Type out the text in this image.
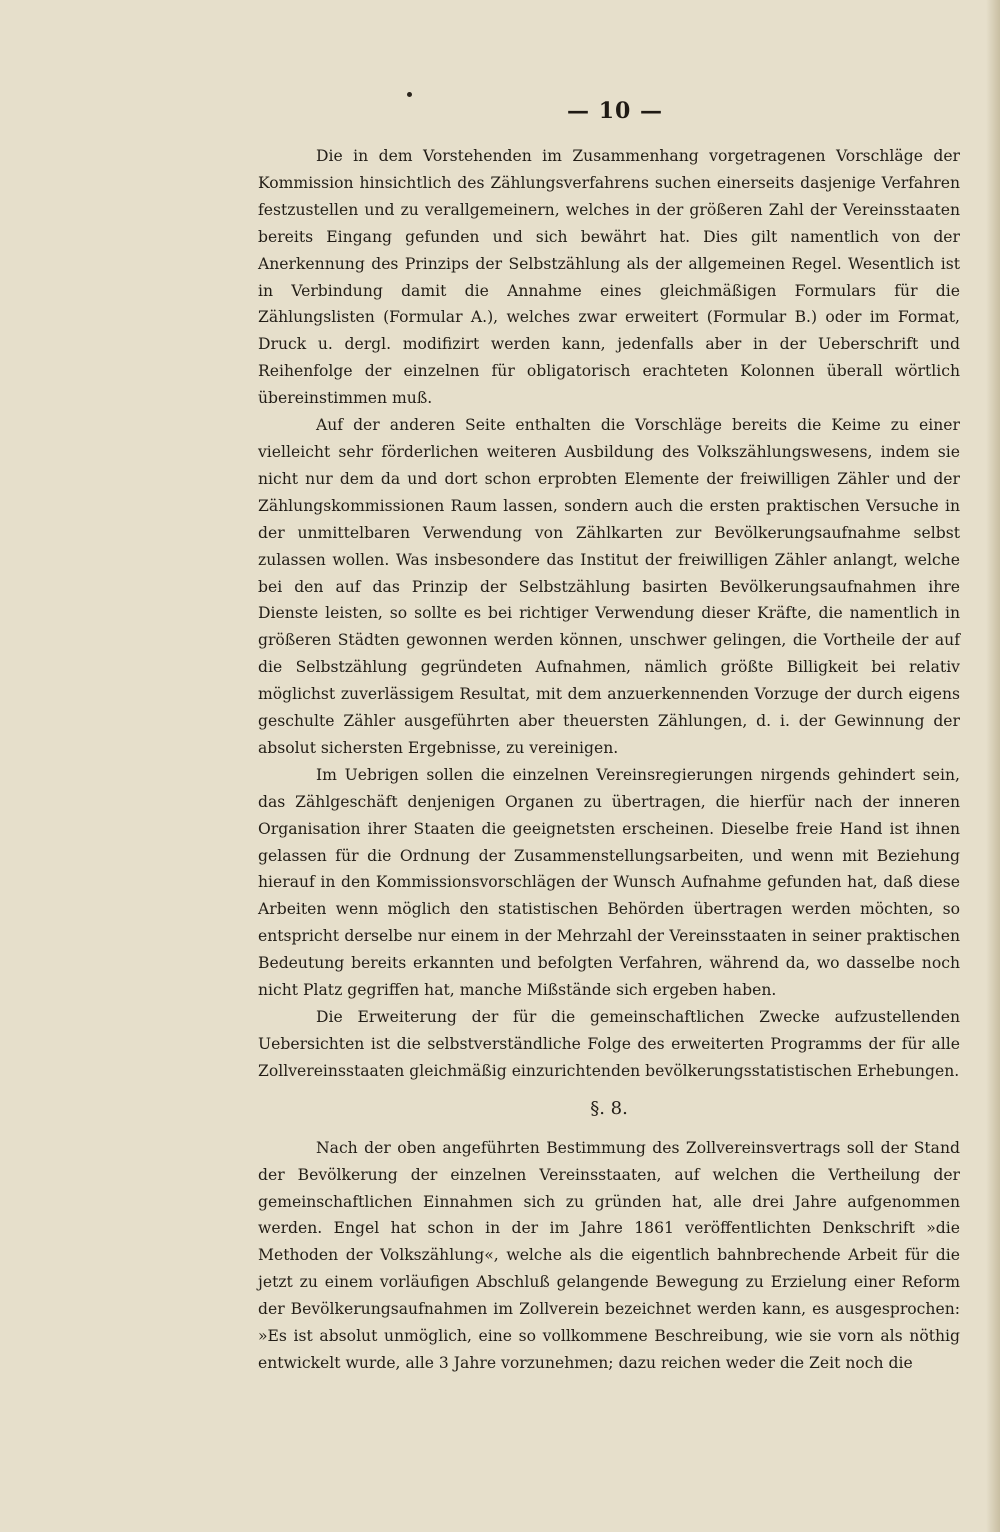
— 10 —

Die in dem Vorstehenden im Zusammenhang vorgetragenen Vorschläge der Kommission hinsichtlich des Zählungsverfahrens suchen einerseits dasjenige Verfahren festzustellen und zu verallgemeinern, welches in der größeren Zahl der Vereinsstaaten bereits Eingang gefunden und sich bewährt hat. Dies gilt namentlich von der Anerkennung des Prinzips der Selbstzählung als der allgemeinen Regel. Wesentlich ist in Verbindung damit die Annahme eines gleichmäßigen Formulars für die Zählungslisten (Formular A.), welches zwar erweitert (Formular B.) oder im Format, Druck u. dergl. modifizirt werden kann, jedenfalls aber in der Ueberschrift und Reihenfolge der einzelnen für obligatorisch erachteten Kolonnen überall wörtlich übereinstimmen muß.

Auf der anderen Seite enthalten die Vorschläge bereits die Keime zu einer vielleicht sehr förderlichen weiteren Ausbildung des Volkszählungswesens, indem sie nicht nur dem da und dort schon erprobten Elemente der freiwilligen Zähler und der Zählungskommissionen Raum lassen, sondern auch die ersten praktischen Versuche in der unmittelbaren Verwendung von Zählkarten zur Bevölkerungsaufnahme selbst zulassen wollen. Was insbesondere das Institut der freiwilligen Zähler anlangt, welche bei den auf das Prinzip der Selbstzählung basirten Bevölkerungsaufnahmen ihre Dienste leisten, so sollte es bei richtiger Verwendung dieser Kräfte, die namentlich in größeren Städten gewonnen werden können, unschwer gelingen, die Vortheile der auf die Selbstzählung gegründeten Aufnahmen, nämlich größte Billigkeit bei relativ möglichst zuverlässigem Resultat, mit dem anzuerkennenden Vorzuge der durch eigens geschulte Zähler ausgeführten aber theuersten Zählungen, d. i. der Gewinnung der absolut sichersten Ergebnisse, zu vereinigen.

Im Uebrigen sollen die einzelnen Vereinsregierungen nirgends gehindert sein, das Zählgeschäft denjenigen Organen zu übertragen, die hierfür nach der inneren Organisation ihrer Staaten die geeignetsten erscheinen. Dieselbe freie Hand ist ihnen gelassen für die Ordnung der Zusammenstellungsarbeiten, und wenn mit Beziehung hierauf in den Kommissionsvorschlägen der Wunsch Aufnahme gefunden hat, daß diese Arbeiten wenn möglich den statistischen Behörden übertragen werden möchten, so entspricht derselbe nur einem in der Mehrzahl der Vereinsstaaten in seiner praktischen Bedeutung bereits erkannten und befolgten Verfahren, während da, wo dasselbe noch nicht Platz gegriffen hat, manche Mißstände sich ergeben haben.

Die Erweiterung der für die gemeinschaftlichen Zwecke aufzustellenden Uebersichten ist die selbstverständliche Folge des erweiterten Programms der für alle Zollvereinsstaaten gleichmäßig einzurichtenden bevölkerungsstatistischen Erhebungen.

§. 8.

Nach der oben angeführten Bestimmung des Zollvereinsvertrags soll der Stand der Bevölkerung der einzelnen Vereinsstaaten, auf welchen die Vertheilung der gemeinschaftlichen Einnahmen sich zu gründen hat, alle drei Jahre aufgenommen werden. Engel hat schon in der im Jahre 1861 veröffentlichten Denkschrift »die Methoden der Volkszählung«, welche als die eigentlich bahnbrechende Arbeit für die jetzt zu einem vorläufigen Abschluß gelangende Bewegung zu Erzielung einer Reform der Bevölkerungsaufnahmen im Zollverein bezeichnet werden kann, es ausgesprochen: »Es ist absolut unmöglich, eine so vollkommene Beschreibung, wie sie vorn als nöthig entwickelt wurde, alle 3 Jahre vorzunehmen; dazu reichen weder die Zeit noch die
